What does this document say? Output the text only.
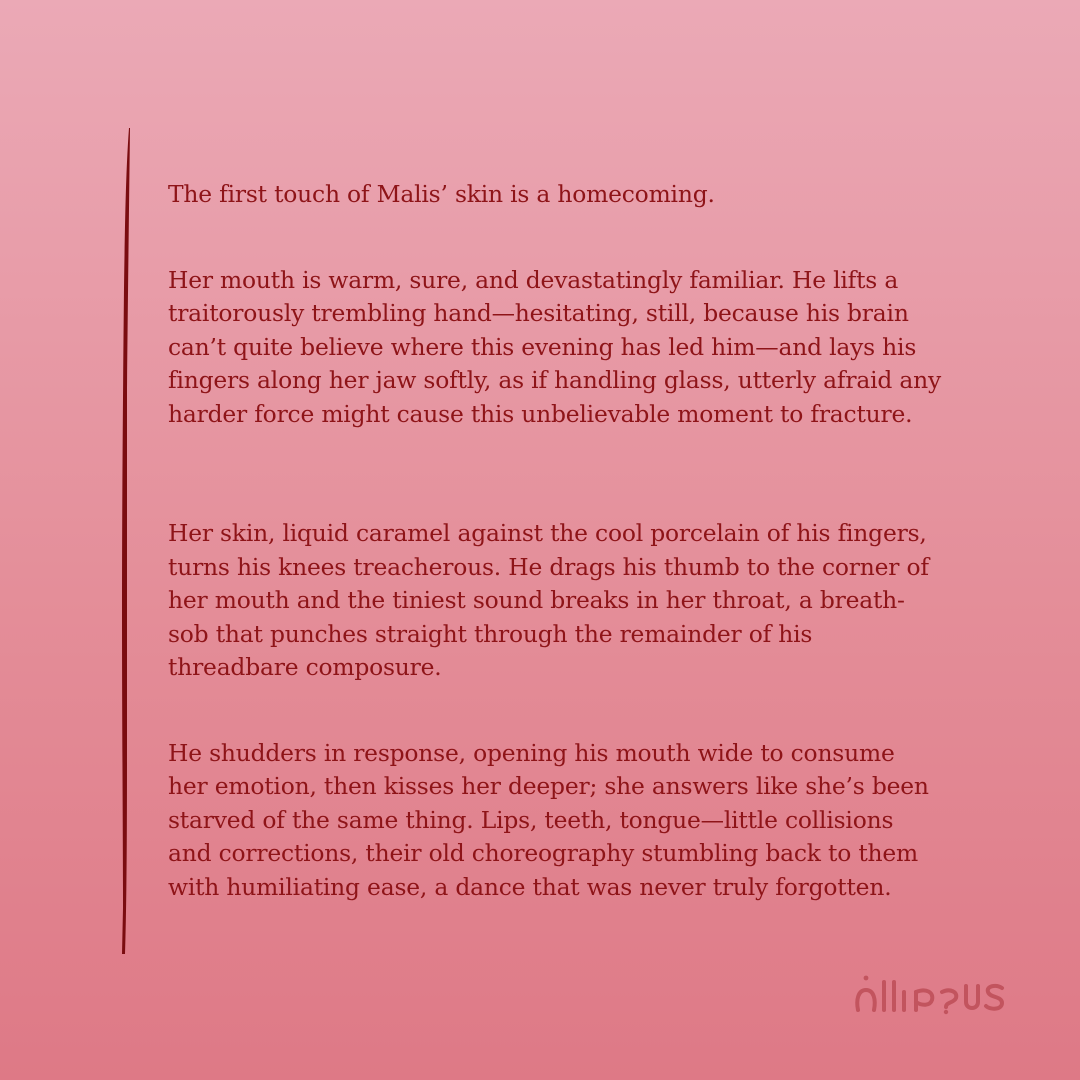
The first touch of Malis’ skin is a homecoming.

Her mouth is warm, sure, and devastatingly familiar. He lifts a
traitorously trembling hand—hesitating, still, because his brain
can’t quite believe where this evening has led him—and lays his
fingers along her jaw softly, as if handling glass, utterly afraid any
harder force might cause this unbelievable moment to fracture.

Her skin, liquid caramel against the cool porcelain of his fingers,
turns his knees treacherous. He drags his thumb to the corner of
her mouth and the tiniest sound breaks in her throat, a breath-
sob that punches straight through the remainder of his
threadbare composure.

He shudders in response, opening his mouth wide to consume
her emotion, then kisses her deeper; she answers like she’s been
starved of the same thing. Lips, teeth, tongue—little collisions
and corrections, their old choreography stumbling back to them
with humiliating ease, a dance that was never truly forgotten.
